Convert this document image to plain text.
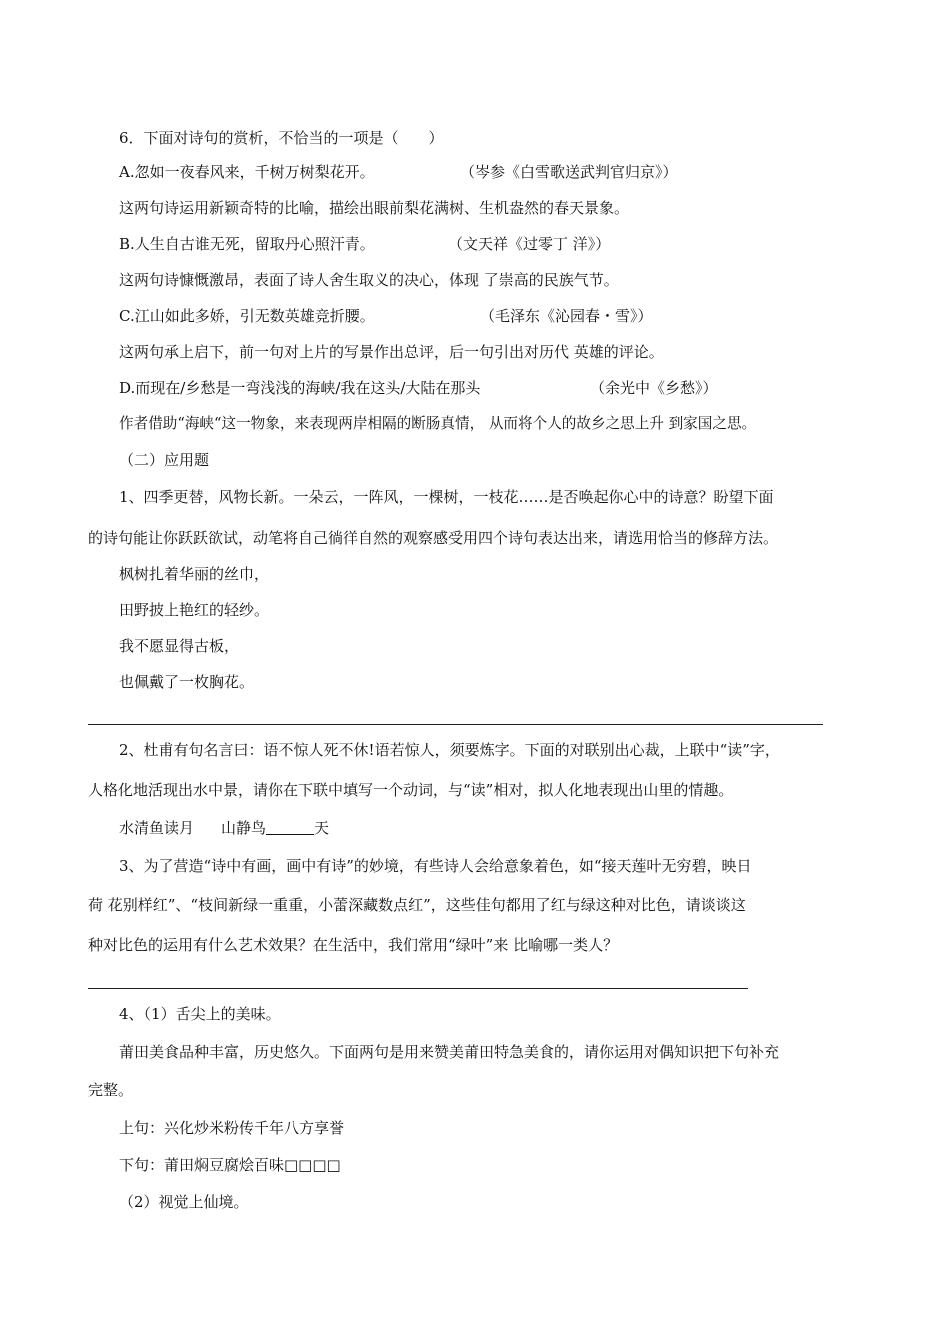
6．下面对诗句的赏析，不恰当的一项是（　　）
A.忽如一夜春风来，千树万树梨花开。	（岑参《白雪歌送武判官归京》）
这两句诗运用新颖奇特的比喻，描绘出眼前梨花满树、生机盎然的春天景象。
B.人生自古谁无死，留取丹心照汗青。	（文天祥《过零丁 洋》）
这两句诗慷慨激昂，表面了诗人舍生取义的决心，体现 了崇高的民族气节。
C.江山如此多娇，引无数英雄竞折腰。	（毛泽东《沁园春・雪》）
这两句承上启下，前一句对上片的写景作出总评，后一句引出对历代 英雄的评论。
D.而现在/乡愁是一弯浅浅的海峡/我在这头/大陆在那头	（余光中《乡愁》）
作者借助“海峡“这一物象，来表现两岸相隔的断肠真情， 从而将个人的故乡之思上升 到家国之思。
（二）应用题
1、四季更替，风物长新。一朵云，一阵风，一棵树，一枝花……是否唤起你心中的诗意？盼望下面
的诗句能让你跃跃欲试，动笔将自己徜徉自然的观察感受用四个诗句表达出来，请选用恰当的修辞方法。
枫树扎着华丽的丝巾，
田野披上艳红的轻纱。
我不愿显得古板，
也佩戴了一枚胸花。
2、杜甫有句名言曰：语不惊人死不休!语若惊人，须要炼字。下面的对联别出心裁，上联中“读”字，
人格化地活现出水中景，请你在下联中填写一个动词，与“读”相对，拟人化地表现出山里的情趣。
水清鱼读月 山静鸟	天
3、为了营造“诗中有画，画中有诗”的妙境，有些诗人会给意象着色，如“接天莲叶无穷碧，映日
荷 花别样红”、“枝间新绿一重重，小蕾深藏数点红”，这些佳句都用了红与绿这种对比色，请谈谈这
种对比色的运用有什么艺术效果？在生活中，我们常用“绿叶”来 比喻哪一类人？
4、（1）舌尖上的美味。
莆田美食品种丰富，历史悠久。下面两句是用来赞美莆田特急美食的，请你运用对偶知识把下句补充
完整。
上句：兴化炒米粉传千年八方享誉
下句：莆田焖豆腐烩百味□□□□
（2）视觉上仙境。
